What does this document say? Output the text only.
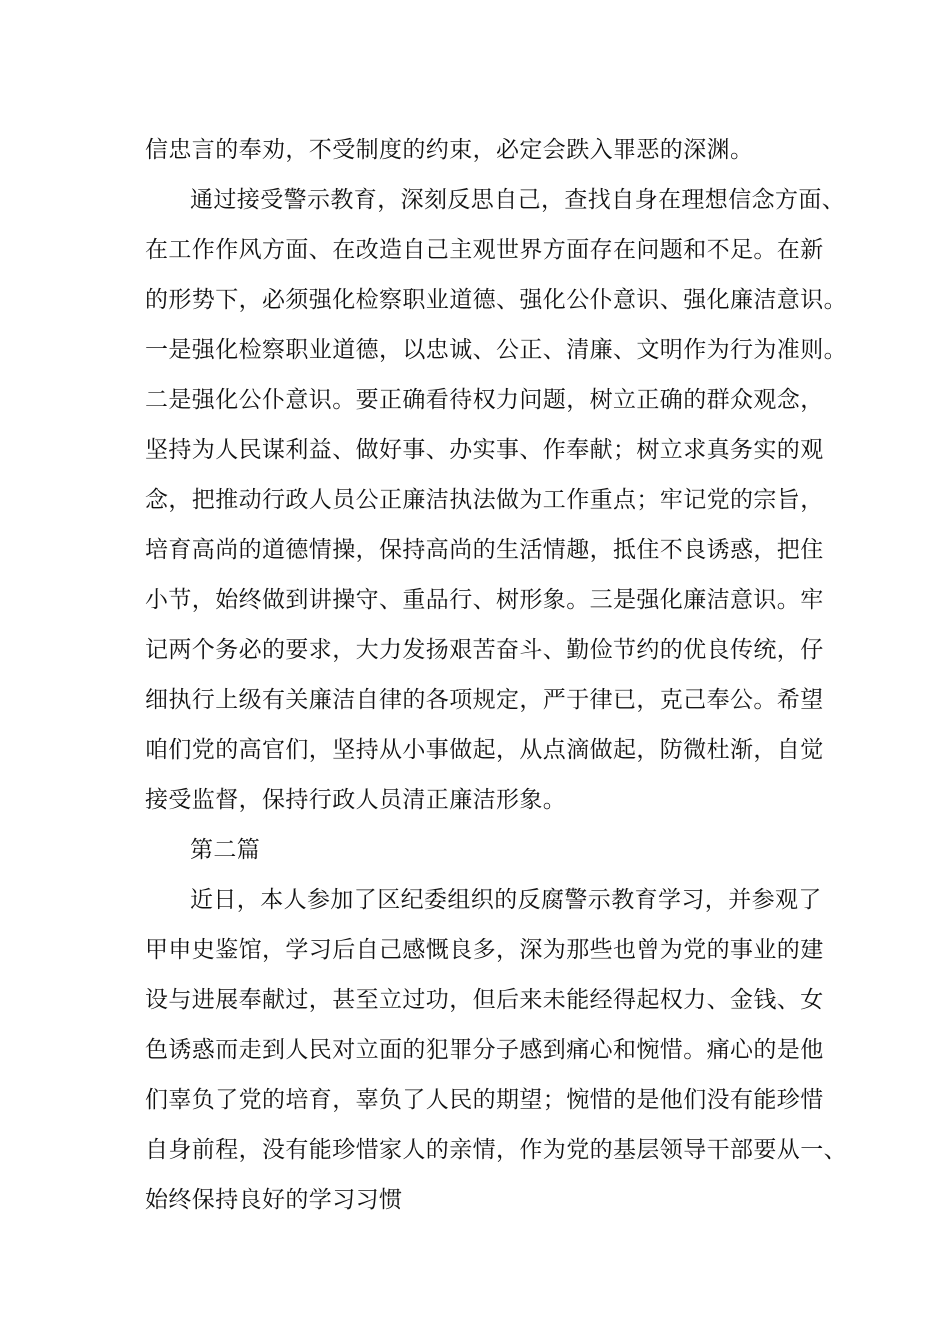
信忠言的奉劝，不受制度的约束，必定会跌入罪恶的深渊。

通过接受警示教育，深刻反思自己，查找自身在理想信念方面、

在工作作风方面、在改造自己主观世界方面存在问题和不足。在新

的形势下，必须强化检察职业道德、强化公仆意识、强化廉洁意识。

一是强化检察职业道德，以忠诚、公正、清廉、文明作为行为准则。

二是强化公仆意识。要正确看待权力问题，树立正确的群众观念，

坚持为人民谋利益、做好事、办实事、作奉献；树立求真务实的观

念，把推动行政人员公正廉洁执法做为工作重点；牢记党的宗旨，

培育高尚的道德情操，保持高尚的生活情趣，抵住不良诱惑，把住

小节，始终做到讲操守、重品行、树形象。三是强化廉洁意识。牢

记两个务必的要求，大力发扬艰苦奋斗、勤俭节约的优良传统，仔

细执行上级有关廉洁自律的各项规定，严于律已，克己奉公。希望

咱们党的高官们，坚持从小事做起，从点滴做起，防微杜渐，自觉

接受监督，保持行政人员清正廉洁形象。

第二篇

近日，本人参加了区纪委组织的反腐警示教育学习，并参观了

甲申史鉴馆，学习后自己感慨良多，深为那些也曾为党的事业的建

设与进展奉献过，甚至立过功，但后来未能经得起权力、金钱、女

色诱惑而走到人民对立面的犯罪分子感到痛心和惋惜。痛心的是他

们辜负了党的培育，辜负了人民的期望；惋惜的是他们没有能珍惜

自身前程，没有能珍惜家人的亲情，作为党的基层领导干部要从一、

始终保持良好的学习习惯
